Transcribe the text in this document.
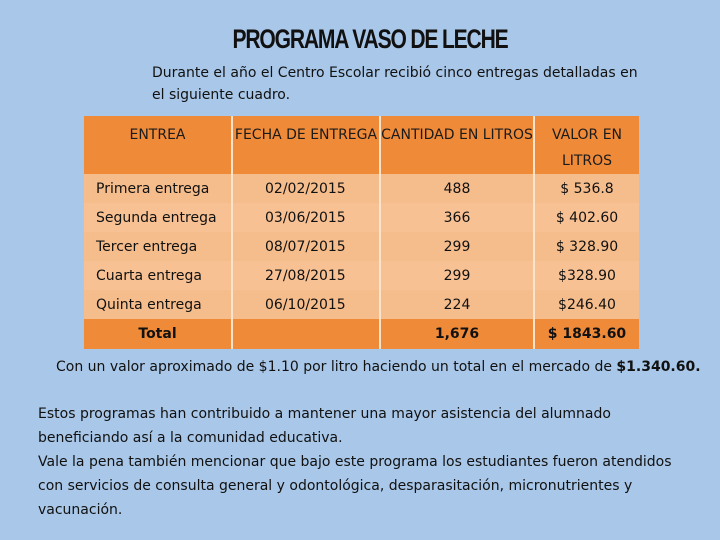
PROGRAMA VASO DE LECHE
Durante el año el Centro Escolar recibió cinco entregas detalladas en el siguiente cuadro.
ENTREA	FECHA DE ENTREGA	CANTIDAD EN LITROS	VALOR EN LITROS
Primera entrega	02/02/2015	488	$ 536.8
Segunda entrega	03/06/2015	366	$ 402.60
Tercer entrega	08/07/2015	299	$ 328.90
Cuarta entrega	27/08/2015	299	$328.90
Quinta entrega	06/10/2015	224	$246.40
Total		1,676	$ 1843.60
Con un valor aproximado de $1.10 por litro haciendo un total en el mercado de $1.340.60.

Estos programas han contribuido a mantener una mayor asistencia del alumnado beneficiando así a la comunidad educativa.

Vale la pena también mencionar que bajo este programa los estudiantes fueron atendidos con servicios de consulta general y odontológica, desparasitación, micronutrientes y vacunación.
